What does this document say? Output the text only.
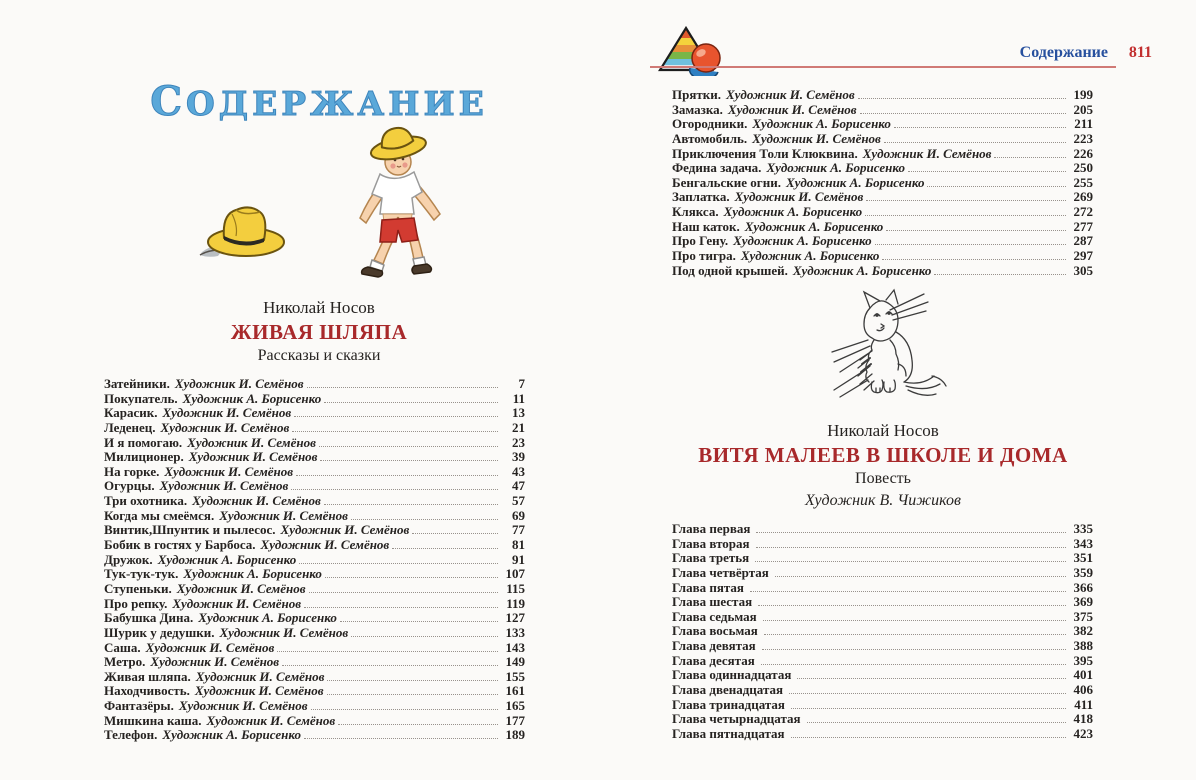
СОДЕРЖАНИЕ
Николай Носов
ЖИВАЯ ШЛЯПА
Рассказы и сказки
Затейники. Художник И. Семёнов	7
Покупатель. Художник А. Борисенко	11
Карасик. Художник И. Семёнов	13
Леденец. Художник И. Семёнов	21
И я помогаю. Художник И. Семёнов	23
Милиционер. Художник И. Семёнов	39
На горке. Художник И. Семёнов	43
Огурцы. Художник И. Семёнов	47
Три охотника. Художник И. Семёнов	57
Когда мы смеёмся. Художник И. Семёнов	69
Винтик,Шпунтик и пылесос. Художник И. Семёнов	77
Бобик в гостях у Барбоса. Художник И. Семёнов	81
Дружок. Художник А. Борисенко	91
Тук-тук-тук. Художник А. Борисенко	107
Ступеньки. Художник И. Семёнов	115
Про репку. Художник И. Семёнов	119
Бабушка Дина. Художник А. Борисенко	127
Шурик у дедушки. Художник И. Семёнов	133
Саша. Художник И. Семёнов	143
Метро. Художник И. Семёнов	149
Живая шляпа. Художник И. Семёнов	155
Находчивость. Художник И. Семёнов	161
Фантазёры. Художник И. Семёнов	165
Мишкина каша. Художник И. Семёнов	177
Телефон. Художник А. Борисенко	189
Содержание	811
Прятки. Художник И. Семёнов	199
Замазка. Художник И. Семёнов	205
Огородники. Художник А. Борисенко	211
Автомобиль. Художник И. Семёнов	223
Приключения Толи Клюквина. Художник И. Семёнов	226
Федина задача. Художник А. Борисенко	250
Бенгальские огни. Художник А. Борисенко	255
Заплатка. Художник И. Семёнов	269
Клякса. Художник А. Борисенко	272
Наш каток. Художник А. Борисенко	277
Про Гену. Художник А. Борисенко	287
Про тигра. Художник А. Борисенко	297
Под одной крышей. Художник А. Борисенко	305
Николай Носов
ВИТЯ МАЛЕЕВ В ШКОЛЕ И ДОМА
Повесть
Художник В. Чижиков
Глава первая	335
Глава вторая	343
Глава третья	351
Глава четвёртая	359
Глава пятая	366
Глава шестая	369
Глава седьмая	375
Глава восьмая	382
Глава девятая	388
Глава десятая	395
Глава одиннадцатая	401
Глава двенадцатая	406
Глава тринадцатая	411
Глава четырнадцатая	418
Глава пятнадцатая	423
